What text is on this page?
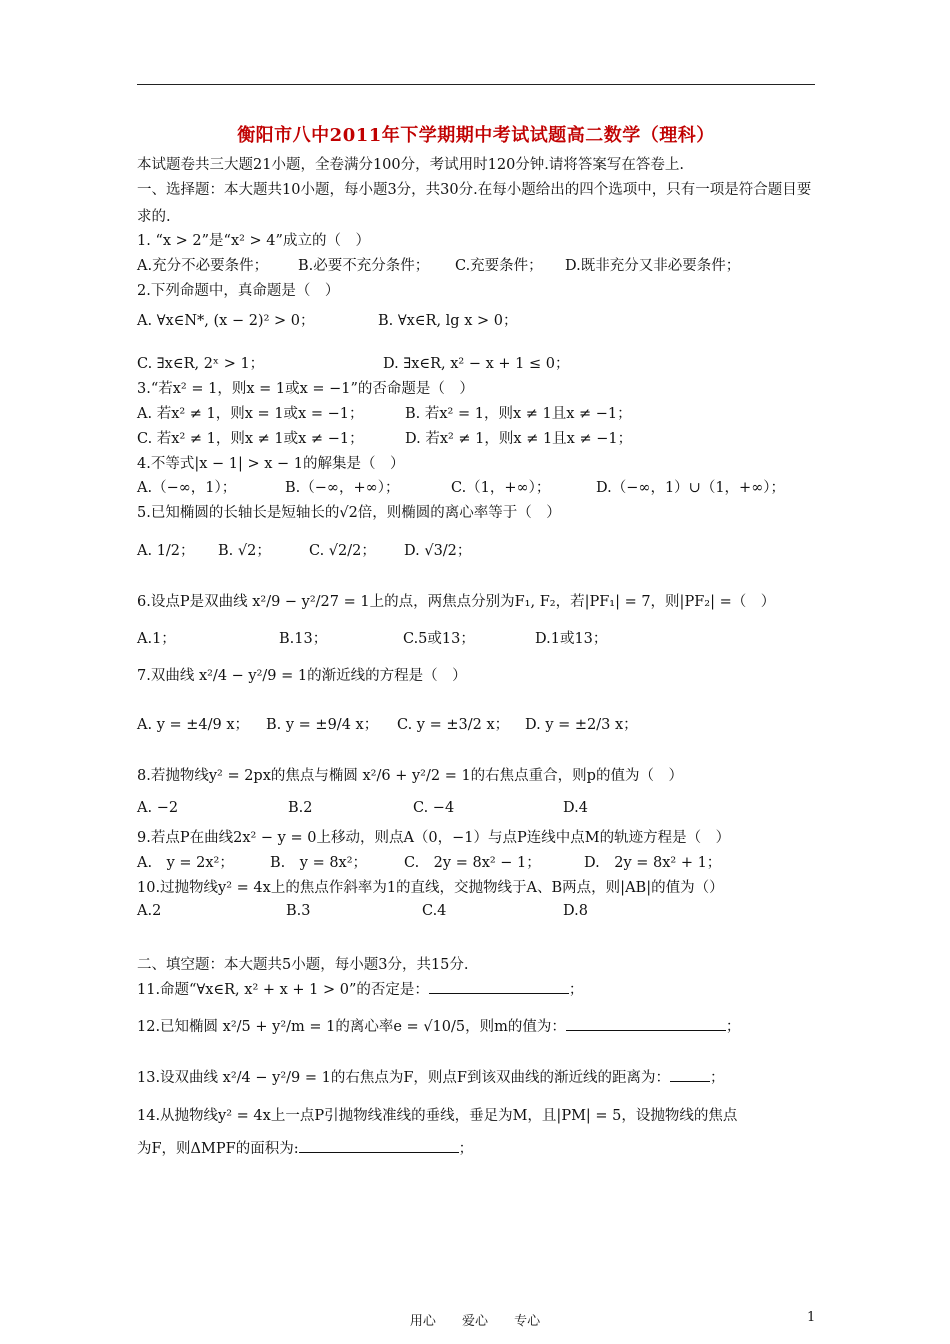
衡阳市八中2011年下学期期中考试试题高二数学（理科）
本试题卷共三大题21小题，全卷满分100分，考试用时120分钟.请将答案写在答卷上.
一、选择题：本大题共10小题，每小题3分，共30分.在每小题给出的四个选项中，只有一项是符合题目要求的.
1. “x > 2”是“x² > 4”成立的（　）
A.充分不必要条件； B.必要不充分条件； C.充要条件； D.既非充分又非必要条件；
2.下列命题中，真命题是（　）
A. ∀x∈N*, (x − 2)² > 0；	B. ∀x∈R, lg x > 0；
C. ∃x∈R, 2ˣ > 1；	D. ∃x∈R, x² − x + 1 ≤ 0；
3.“若x² = 1，则x = 1或x = −1”的否命题是（　）
A. 若x² ≠ 1，则x = 1或x = −1；	B. 若x² = 1，则x ≠ 1且x ≠ −1；
C. 若x² ≠ 1，则x ≠ 1或x ≠ −1；	D. 若x² ≠ 1，则x ≠ 1且x ≠ −1；
4.不等式|x − 1| > x − 1的解集是（　）
A.（−∞，1）；	B.（−∞，+∞）；	C.（1，+∞）；	D.（−∞，1）∪（1，+∞）；
5.已知椭圆的长轴长是短轴长的√2倍，则椭圆的离心率等于（　）
A. 1/2； B. √2；	C. √2/2； D. √3/2；
6.设点P是双曲线 x²/9 − y²/27 = 1上的点，两焦点分别为F₁, F₂，若|PF₁| = 7，则|PF₂| =（　）
A.1；	B.13；	C.5或13；	D.1或13；
7.双曲线 x²/4 − y²/9 = 1的渐近线的方程是（　）
A. y = ±4/9 x； B. y = ±9/4 x； C. y = ±3/2 x； D. y = ±2/3 x；
8.若抛物线y² = 2px的焦点与椭圆 x²/6 + y²/2 = 1的右焦点重合，则p的值为（　）
A. −2	B.2	C. −4	D.4
9.若点P在曲线2x² − y = 0上移动，则点A（0，−1）与点P连线中点M的轨迹方程是（　）
A.　y = 2x²； B.　y = 8x²；	C.　2y = 8x² − 1；	D.　2y = 8x² + 1；
10.过抛物线y² = 4x上的焦点作斜率为1的直线，交抛物线于A、B两点，则|AB|的值为（）
A.2	B.3	C.4	D.8
二、填空题：本大题共5小题，每小题3分，共15分.
11.命题“∀x∈R, x² + x + 1 > 0”的否定是：	；
12.已知椭圆 x²/5 + y²/m = 1的离心率e = √10/5，则m的值为：	；
13.设双曲线 x²/4 − y²/9 = 1的右焦点为F，则点F到该双曲线的渐近线的距离为：	；
14.从抛物线y² = 4x上一点P引抛物线准线的垂线，垂足为M，且|PM| = 5，设抛物线的焦点
为F，则ΔMPF的面积为:	；
用心 爱心 专心	1
